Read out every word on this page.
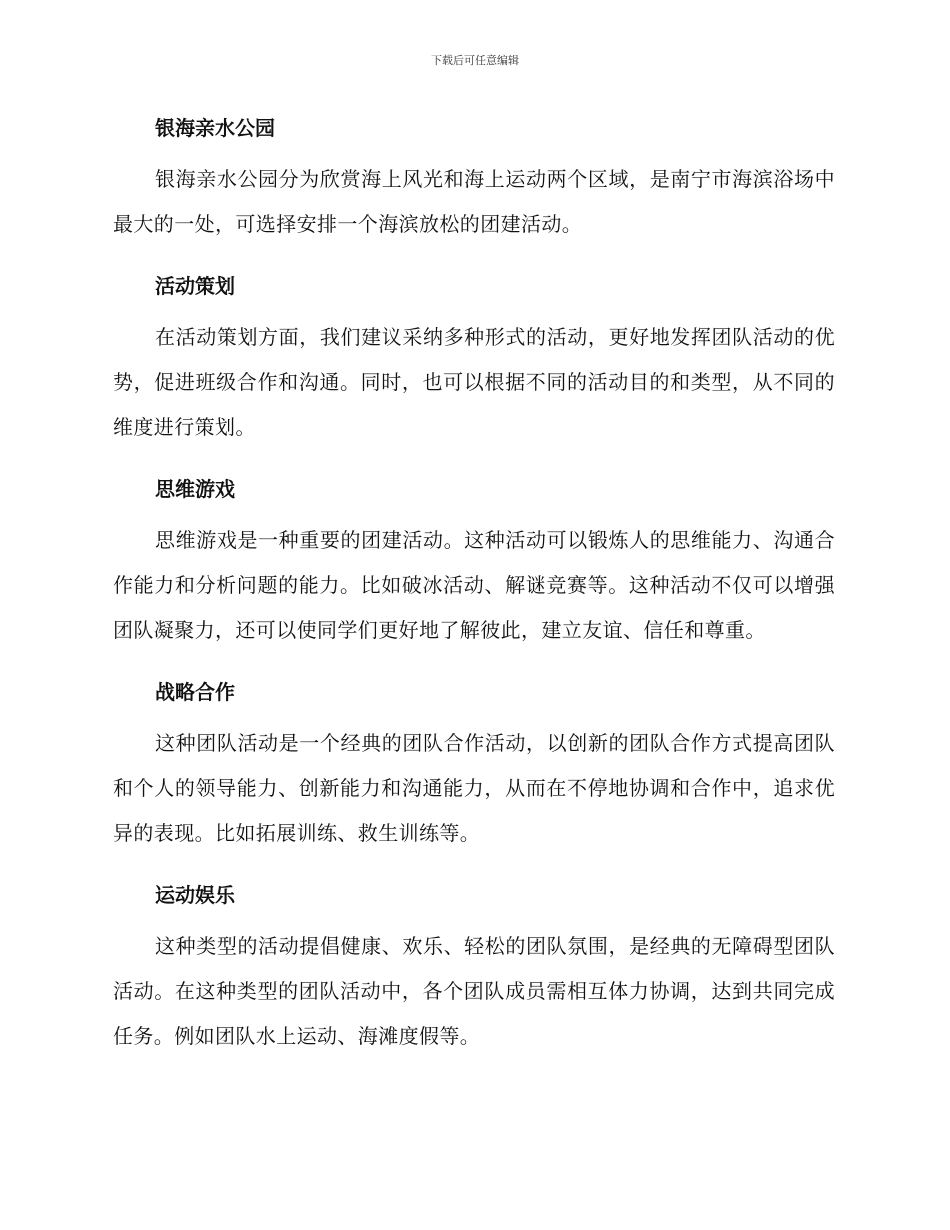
下载后可任意编辑

银海亲水公园

银海亲水公园分为欣赏海上风光和海上运动两个区域，是南宁市海滨浴场中最大的一处，可选择安排一个海滨放松的团建活动。

活动策划

在活动策划方面，我们建议采纳多种形式的活动，更好地发挥团队活动的优势，促进班级合作和沟通。同时，也可以根据不同的活动目的和类型，从不同的维度进行策划。

思维游戏

思维游戏是一种重要的团建活动。这种活动可以锻炼人的思维能力、沟通合作能力和分析问题的能力。比如破冰活动、解谜竞赛等。这种活动不仅可以增强团队凝聚力，还可以使同学们更好地了解彼此，建立友谊、信任和尊重。

战略合作

这种团队活动是一个经典的团队合作活动，以创新的团队合作方式提高团队和个人的领导能力、创新能力和沟通能力，从而在不停地协调和合作中，追求优异的表现。比如拓展训练、救生训练等。

运动娱乐

这种类型的活动提倡健康、欢乐、轻松的团队氛围，是经典的无障碍型团队活动。在这种类型的团队活动中，各个团队成员需相互体力协调，达到共同完成任务。例如团队水上运动、海滩度假等。
